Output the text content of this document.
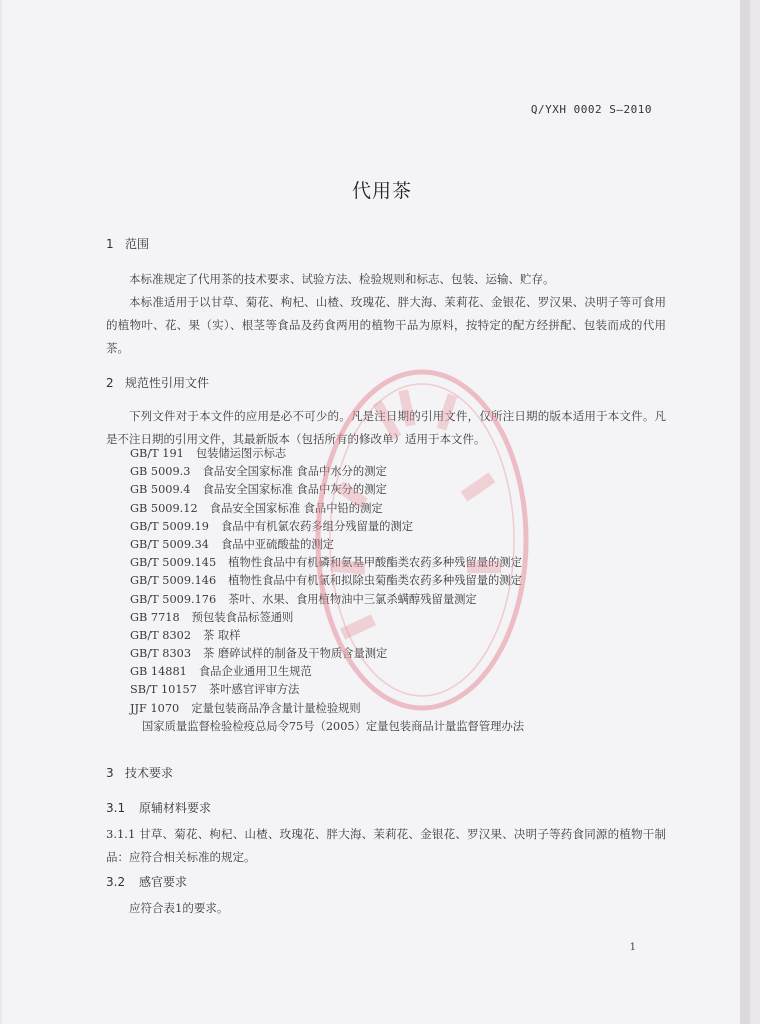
Q/YXH 0002 S—2010
代用茶
1 范围

本标准规定了代用茶的技术要求、试验方法、检验规则和标志、包装、运输、贮存。

本标准适用于以甘草、菊花、枸杞、山楂、玫瑰花、胖大海、茉莉花、金银花、罗汉果、决明子等可食用的植物叶、花、果（实）、根茎等食品及药食两用的植物干品为原料，按特定的配方经拼配、包装而成的代用茶。

2 规范性引用文件

下列文件对于本文件的应用是必不可少的。凡是注日期的引用文件，仅所注日期的版本适用于本文件。凡是不注日期的引用文件，其最新版本（包括所有的修改单）适用于本文件。

GB/T 191 包装储运图示标志
GB 5009.3 食品安全国家标准 食品中水分的测定
GB 5009.4 食品安全国家标准 食品中灰分的测定
GB 5009.12 食品安全国家标准 食品中铅的测定
GB/T 5009.19 食品中有机氯农药多组分残留量的测定
GB/T 5009.34 食品中亚硫酸盐的测定
GB/T 5009.145 植物性食品中有机磷和氨基甲酸酯类农药多种残留量的测定
GB/T 5009.146 植物性食品中有机氯和拟除虫菊酯类农药多种残留量的测定
GB/T 5009.176 茶叶、水果、食用植物油中三氯杀螨醇残留量测定
GB 7718 预包装食品标签通则
GB/T 8302 茶 取样
GB/T 8303 茶 磨碎试样的制备及干物质含量测定
GB 14881 食品企业通用卫生规范
SB/T 10157 茶叶感官评审方法
JJF 1070 定量包装商品净含量计量检验规则
国家质量监督检验检疫总局令75号（2005）定量包装商品计量监督管理办法
3 技术要求
3.1 原辅材料要求

3.1.1 甘草、菊花、枸杞、山楂、玫瑰花、胖大海、茉莉花、金银花、罗汉果、决明子等药食同源的植物干制品：应符合相关标准的规定。

3.2 感官要求

应符合表1的要求。

1
